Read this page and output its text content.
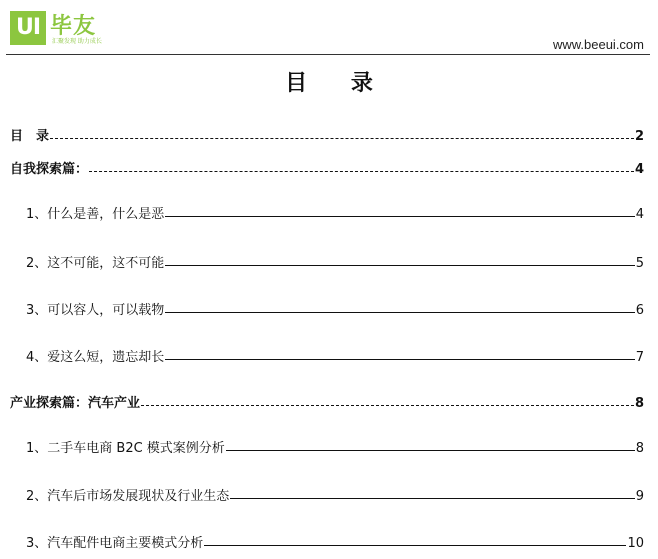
UI 毕友
汇聚发现 助力成长	www.beeui.com
目 录
目　录	2
自我探索篇：	4
1、什么是善，什么是恶	4
2、这不可能，这不可能	5
3、可以容人，可以载物	6
4、爱这么短，遗忘却长	7
产业探索篇：汽车产业	8
1、二手车电商 B2C 模式案例分析	8
2、汽车后市场发展现状及行业生态	9
3、汽车配件电商主要模式分析	10
